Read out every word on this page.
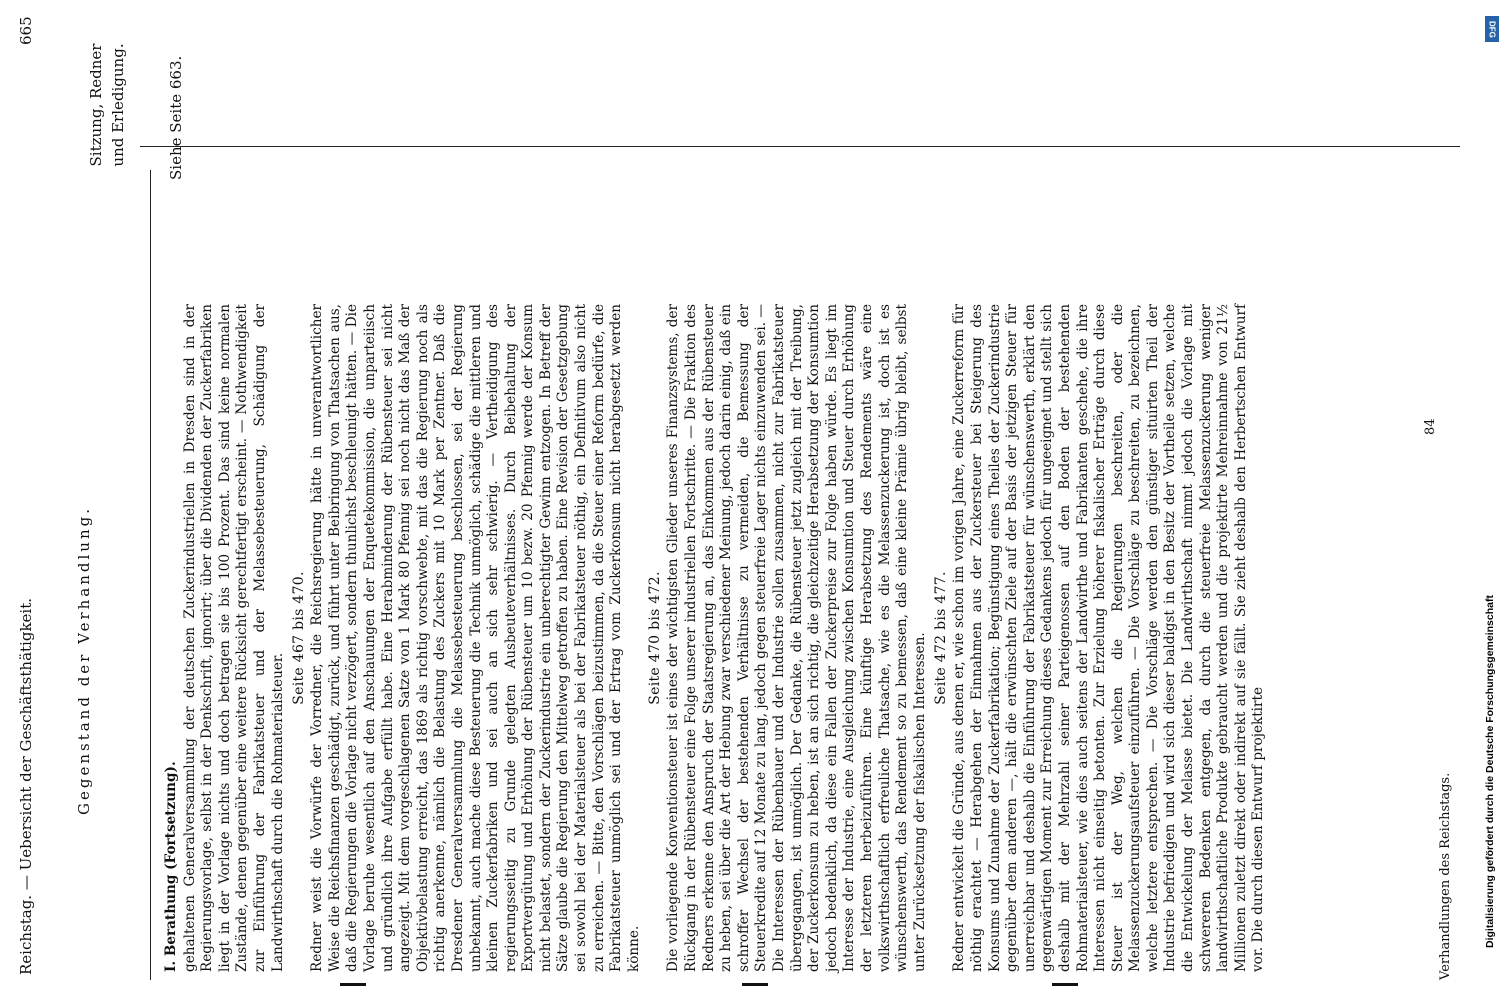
Reichstag. — Uebersicht der Geschäftsthätigkeit.
665
Gegenstand der Verhandlung.
Sitzung, Redner und Erledigung.	Siehe Seite 663.

I. Berathung (Fortsetzung). gehaltenen Generalversammlung der deutschen Zuckerindustriellen in Dresden sind in der Regierungsvorlage, selbst in der Denkschrift, ignorirt; über die Dividenden der Zuckerfabriken liegt in der Vorlage nichts und doch betragen sie bis 100 Prozent. Das sind keine normalen Zustände, denen gegenüber eine weitere Rücksicht gerechtfertigt erscheint. — Nothwendigkeit zur Einführung der Fabrikatsteuer und der Melassebesteuerung, Schädigung der Landwirthschaft durch die Rohmaterialsteuer.

Seite 467 bis 470. Redner weist die Vorwürfe der Vorredner, die Reichsregierung hätte in unverantwortlicher Weise die Reichsfinanzen geschädigt, zurück, und führt unter Beibringung von Thatsachen aus, daß die Regierungen die Vorlage nicht verzögert, sondern thunlichst beschleunigt hätten. — Die Vorlage beruhe wesentlich auf den Anschauungen der Enquetekommission, die unparteiisch und gründlich ihre Aufgabe erfüllt habe. Eine Herabminderung der Rübensteuer sei nicht angezeigt. Mit dem vorgeschlagenen Satze von 1 Mark 80 Pfennig sei noch nicht das Maß der Objektivbelastung erreicht, das 1869 als richtig vorschwebte, mit das die Regierung noch als richtig anerkenne, nämlich die Belastung des Zuckers mit 10 Mark per Zentner. Daß die Dresdener Generalversammlung die Melassebesteuerung beschlossen, sei der Regierung unbekannt, auch mache diese Besteuerung die Technik unmöglich, schädige die mittleren und kleinen Zuckerfabriken und sei auch an sich sehr schwierig. — Vertheidigung des regierungsseitig zu Grunde gelegten Ausbeuteverhältnisses. Durch Beibehaltung der Exportvergütung und Erhöhung der Rübensteuer um 10 bezw. 20 Pfennig werde der Konsum nicht belastet, sondern der Zuckerindustrie ein unberechtigter Gewinn entzogen. In Betreff der Sätze glaube die Regierung den Mittelweg getroffen zu haben. Eine Revision der Gesetzgebung sei sowohl bei der Materialsteuer als bei der Fabrikatsteuer nöthig, ein Definitivum also nicht zu erreichen. — Bitte, den Vorschlägen beizustimmen, da die Steuer einer Reform bedürfe, die Fabrikatsteuer unmöglich sei und der Ertrag vom Zuckerkonsum nicht herabgesetzt werden könne.

Seite 470 bis 472. Die vorliegende Konventionsteuer ist eines der wichtigsten Glieder unseres Finanzsystems, der Rückgang in der Rübensteuer eine Folge unserer industriellen Fortschritte. — Die Fraktion des Redners erkenne den Anspruch der Staatsregierung an, das Einkommen aus der Rübensteuer zu heben, sei über die Art der Hebung zwar verschiedener Meinung, jedoch darin einig, daß ein schroffer Wechsel der bestehenden Verhältnisse zu vermeiden, die Bemessung der Steuerkredite auf 12 Monate zu lang, jedoch gegen steuerfreie Lager nichts einzuwenden sei. — Die Interessen der Rübenbauer und der Industrie sollen zusammen, nicht zur Fabrikatsteuer übergegangen, ist unmöglich. Der Gedanke, die Rübensteuer jetzt zugleich mit der Treibung, der Zuckerkonsum zu heben, ist an sich richtig, die gleichzeitige Herabsetzung der Konsumtion jedoch bedenklich, da diese ein Fallen der Zuckerpreise zur Folge haben würde. Es liegt im Interesse der Industrie, eine Ausgleichung zwischen Konsumtion und Steuer durch Erhöhung der letzteren herbeizuführen. Eine künftige Herabsetzung des Rendements wäre eine volkswirthschaftlich erfreuliche Thatsache, wie es die Melassenzuckerung ist, doch ist es wünschenswerth, das Rendement so zu bemessen, daß eine kleine Prämie übrig bleibt, selbst unter Zurücksetzung der fiskalischen Interessen. Seite 472 bis 477. Redner entwickelt die Gründe, aus denen er, wie schon im vorigen Jahre, eine Zuckerreform für nöthig erachtet — Herabgehen der Einnahmen aus der Zuckersteuer bei Steigerung des Konsums und Zunahme der Zuckerfabrikation; Begünstigung eines Theiles der Zuckerindustrie gegenüber dem anderen —, hält die erwünschten Ziele auf der Basis der jetzigen Steuer für unerreichbar und deshalb die Einführung der Fabrikatsteuer für wünschenswerth, erklärt den gegenwärtigen Moment zur Erreichung dieses Gedankens jedoch für ungeeignet und stellt sich deshalb mit der Mehrzahl seiner Parteigenossen auf den Boden der bestehenden Rohmaterialsteuer, wie dies auch seitens der Landwirthe und Fabrikanten geschehe, die ihre Interessen nicht einseitig betonten. Zur Erzielung höherer fiskalischer Erträge durch diese Steuer ist der Weg, welchen die Regierungen beschreiten, oder die Melassenzuckerungsaufsteuer einzuführen. — Die Vorschläge zu beschreiten, zu bezeichnen, welche letztere entsprechen. — Die Vorschläge werden den günstiger situirten Theil der Industrie befriedigen und wird sich dieser baldigst in den Besitz der Vortheile setzen, welche die Entwickelung der Melasse bietet. Die Landwirthschaft nimmt jedoch die Vorlage mit schwereren Bedenken entgegen, da durch die steuerfreie Melassenzuckerung weniger landwirthschaftliche Produkte gebraucht werden und die projektirte Mehreinnahme von 21½ Millionen zuletzt direkt oder indirekt auf sie fällt. Sie zieht deshalb den Herbertschen Entwurf vor. Die durch diesen Entwurf projektirte	Verhandlungen des Reichstags.
84
DFG
Digitalisierung gefördert durch die Deutsche Forschungsgemeinschaft
